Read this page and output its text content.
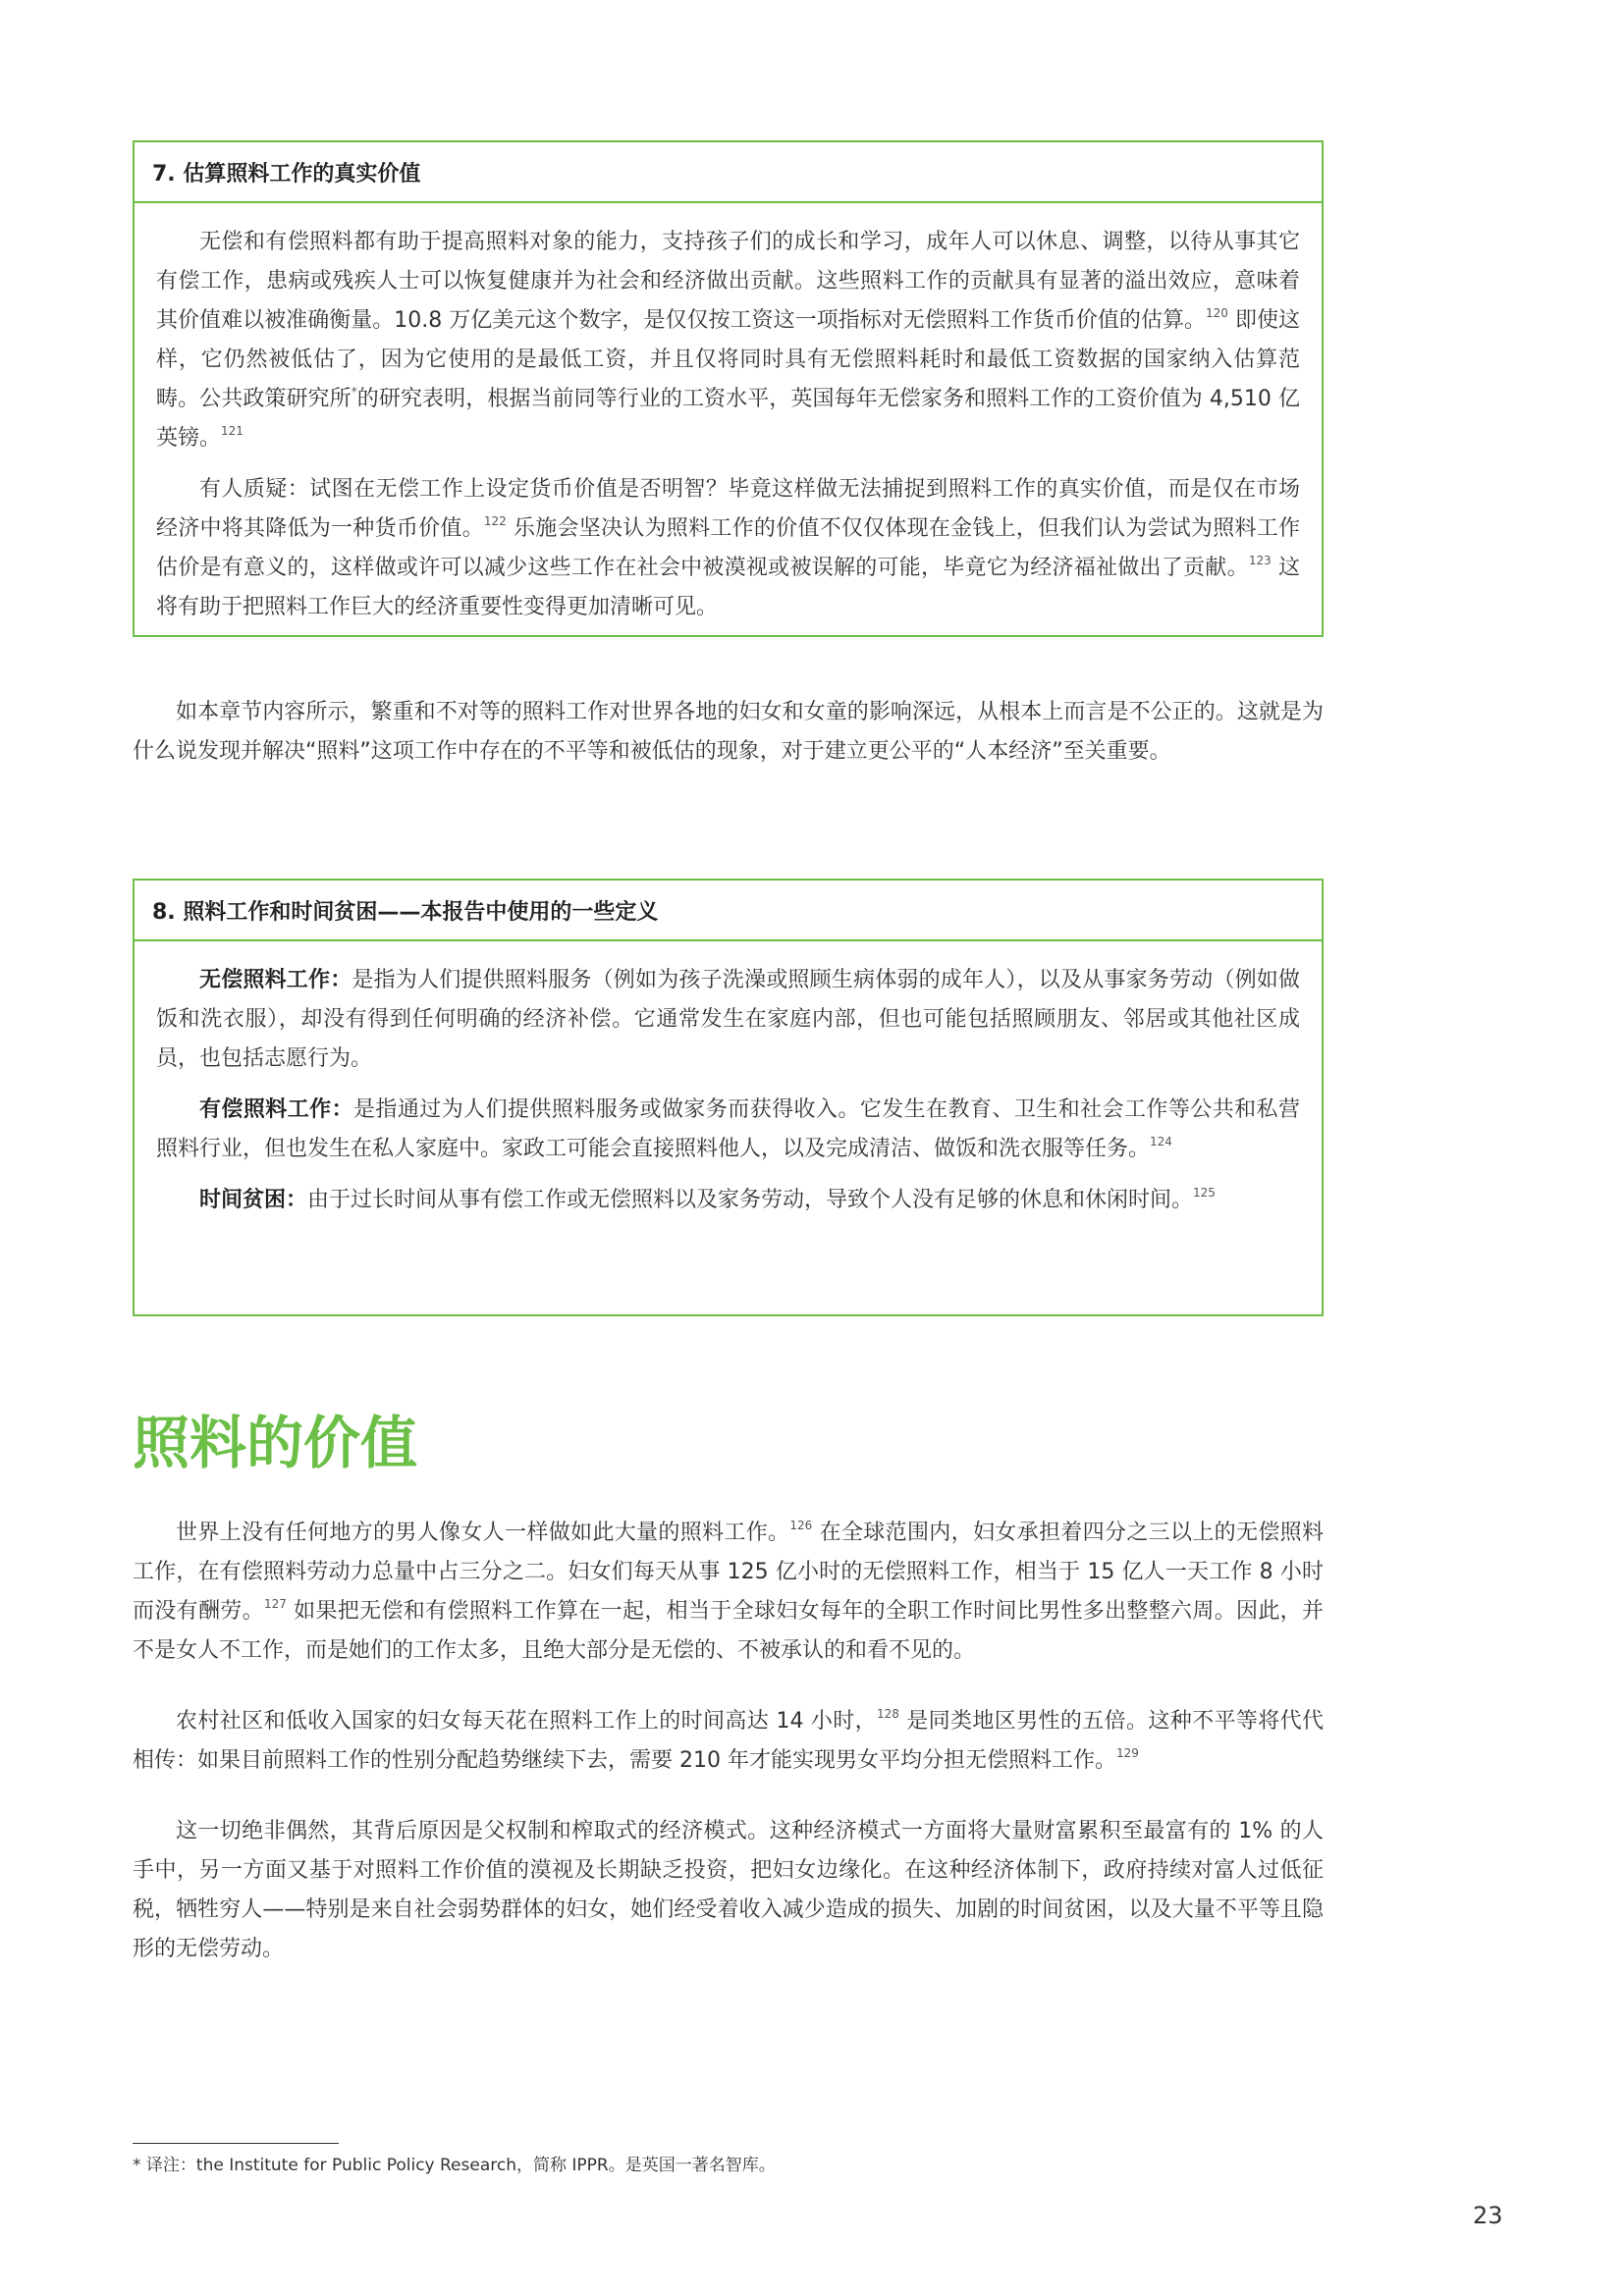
7. 估算照料工作的真实价值

无偿和有偿照料都有助于提高照料对象的能力，支持孩子们的成长和学习，成年人可以休息、调整，以待从事其它有偿工作，患病或残疾人士可以恢复健康并为社会和经济做出贡献。这些照料工作的贡献具有显著的溢出效应，意味着其价值难以被准确衡量。10.8 万亿美元这个数字，是仅仅按工资这一项指标对无偿照料工作货币价值的估算。$^{120}$ 即使这样，它仍然被低估了，因为它使用的是最低工资，并且仅将同时具有无偿照料耗时和最低工资数据的国家纳入估算范畴。公共政策研究所*的研究表明，根据当前同等行业的工资水平，英国每年无偿家务和照料工作的工资价值为 4,510 亿英镑。$^{121}$

有人质疑：试图在无偿工作上设定货币价值是否明智？毕竟这样做无法捕捉到照料工作的真实价值，而是仅在市场经济中将其降低为一种货币价值。$^{122}$ 乐施会坚决认为照料工作的价值不仅仅体现在金钱上，但我们认为尝试为照料工作估价是有意义的，这样做或许可以减少这些工作在社会中被漠视或被误解的可能，毕竟它为经济福祉做出了贡献。$^{123}$ 这将有助于把照料工作巨大的经济重要性变得更加清晰可见。

如本章节内容所示，繁重和不对等的照料工作对世界各地的妇女和女童的影响深远，从根本上而言是不公正的。这就是为什么说发现并解决“照料”这项工作中存在的不平等和被低估的现象，对于建立更公平的“人本经济”至关重要。

8. 照料工作和时间贫困——本报告中使用的一些定义

无偿照料工作：是指为人们提供照料服务（例如为孩子洗澡或照顾生病体弱的成年人），以及从事家务劳动（例如做饭和洗衣服），却没有得到任何明确的经济补偿。它通常发生在家庭内部，但也可能包括照顾朋友、邻居或其他社区成员，也包括志愿行为。

有偿照料工作：是指通过为人们提供照料服务或做家务而获得收入。它发生在教育、卫生和社会工作等公共和私营照料行业，但也发生在私人家庭中。家政工可能会直接照料他人，以及完成清洁、做饭和洗衣服等任务。$^{124}$

时间贫困：由于过长时间从事有偿工作或无偿照料以及家务劳动，导致个人没有足够的休息和休闲时间。$^{125}$

照料的价值

世界上没有任何地方的男人像女人一样做如此大量的照料工作。$^{126}$ 在全球范围内，妇女承担着四分之三以上的无偿照料工作，在有偿照料劳动力总量中占三分之二。妇女们每天从事 125 亿小时的无偿照料工作，相当于 15 亿人一天工作 8 小时而没有酬劳。$^{127}$ 如果把无偿和有偿照料工作算在一起，相当于全球妇女每年的全职工作时间比男性多出整整六周。因此，并不是女人不工作，而是她们的工作太多，且绝大部分是无偿的、不被承认的和看不见的。

农村社区和低收入国家的妇女每天花在照料工作上的时间高达 14 小时，$^{128}$ 是同类地区男性的五倍。这种不平等将代代相传：如果目前照料工作的性别分配趋势继续下去，需要 210 年才能实现男女平均分担无偿照料工作。$^{129}$

这一切绝非偶然，其背后原因是父权制和榨取式的经济模式。这种经济模式一方面将大量财富累积至最富有的 1% 的人手中，另一方面又基于对照料工作价值的漠视及长期缺乏投资，把妇女边缘化。在这种经济体制下，政府持续对富人过低征税，牺牲穷人——特别是来自社会弱势群体的妇女，她们经受着收入减少造成的损失、加剧的时间贫困，以及大量不平等且隐形的无偿劳动。

* 译注：the Institute for Public Policy Research，简称 IPPR。是英国一著名智库。
23
